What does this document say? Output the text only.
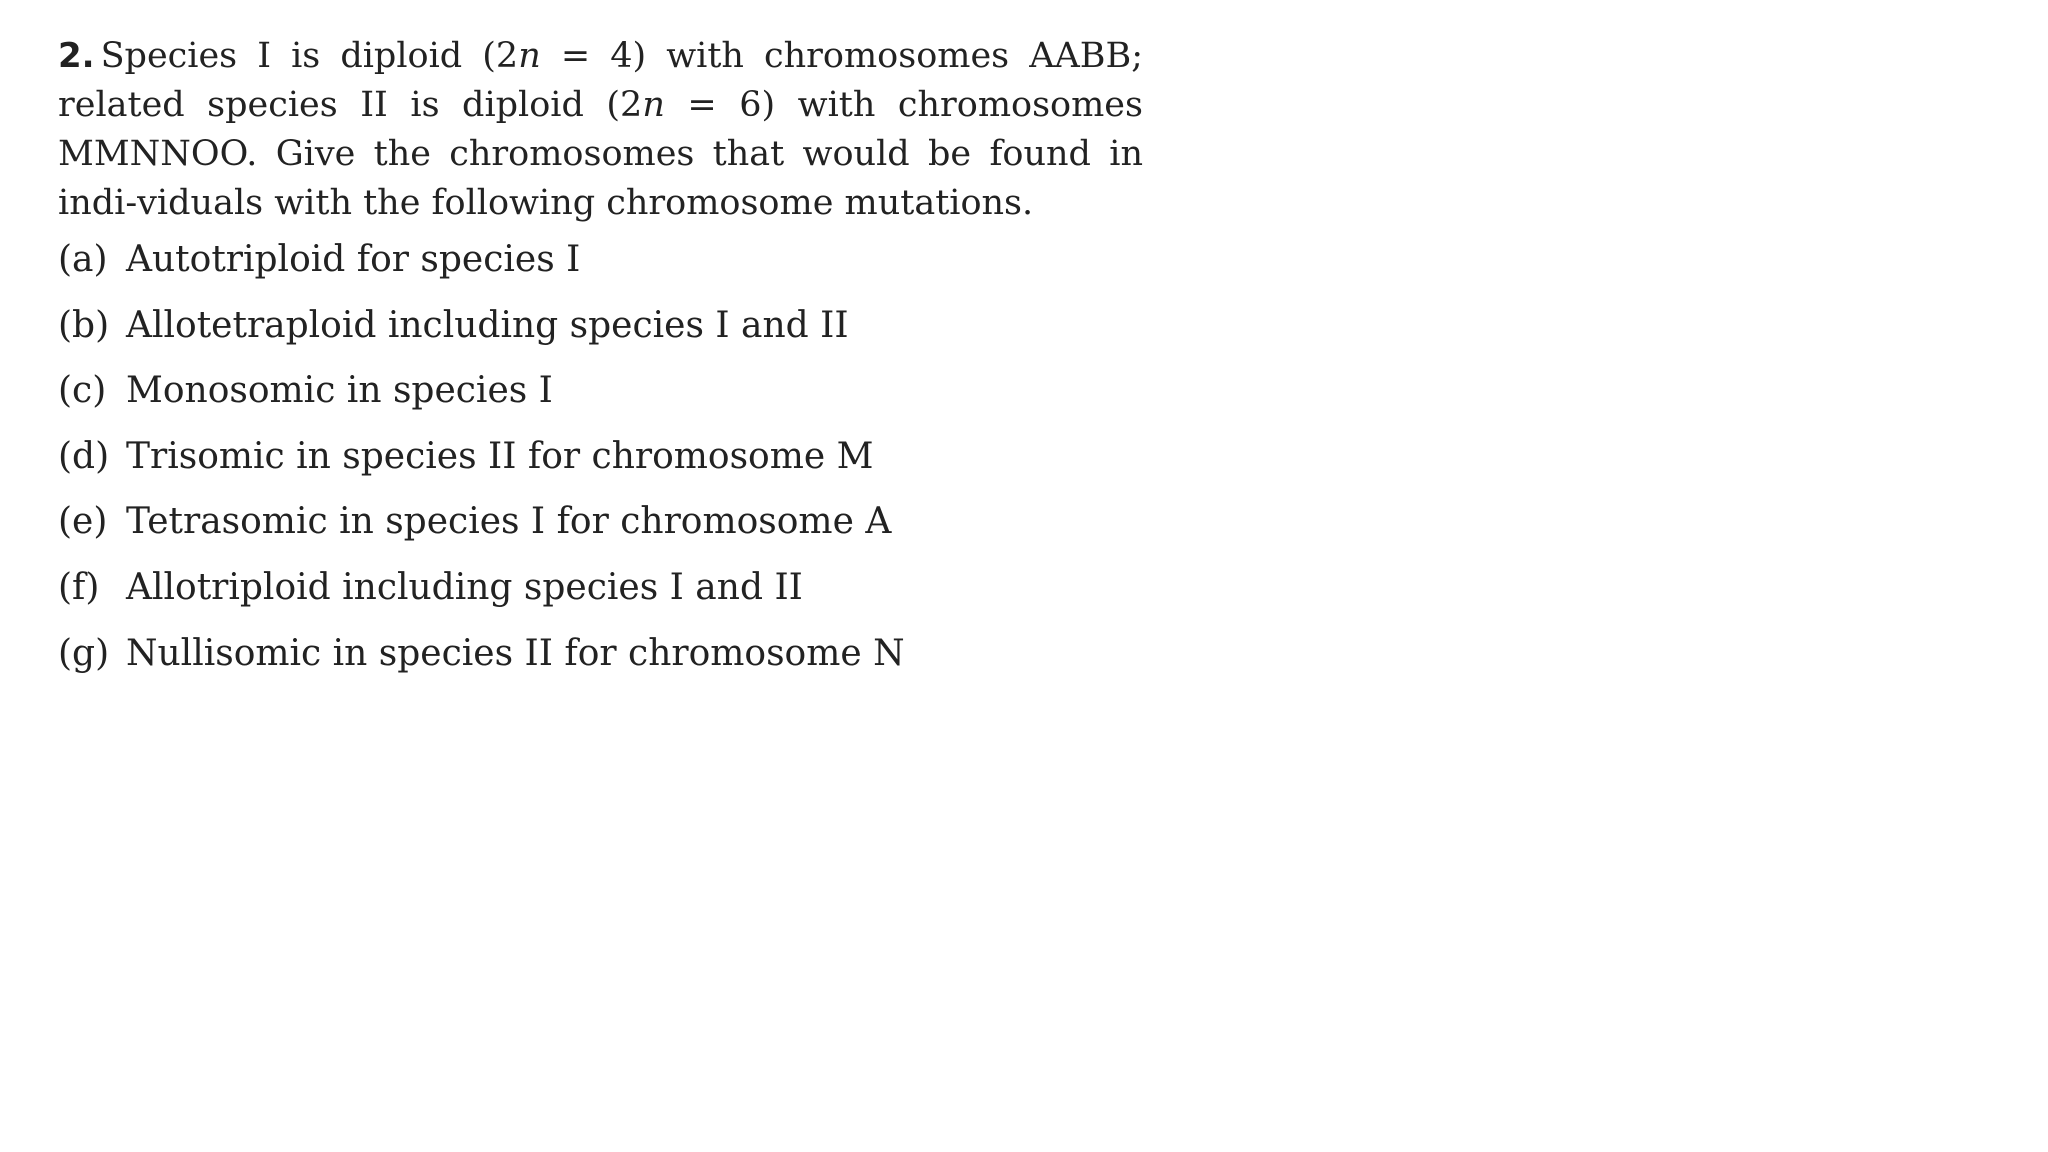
2. Species I is diploid (2n = 4) with chromosomes AABB; related species II is diploid (2n = 6) with chromosomes MMNNOO. Give the chromosomes that would be found in indi-viduals with the following chromosome mutations.

(a) Autotriploid for species I
(b) Allotetraploid including species I and II
(c) Monosomic in species I
(d) Trisomic in species II for chromosome M
(e) Tetrasomic in species I for chromosome A
(f) Allotriploid including species I and II
(g) Nullisomic in species II for chromosome N
